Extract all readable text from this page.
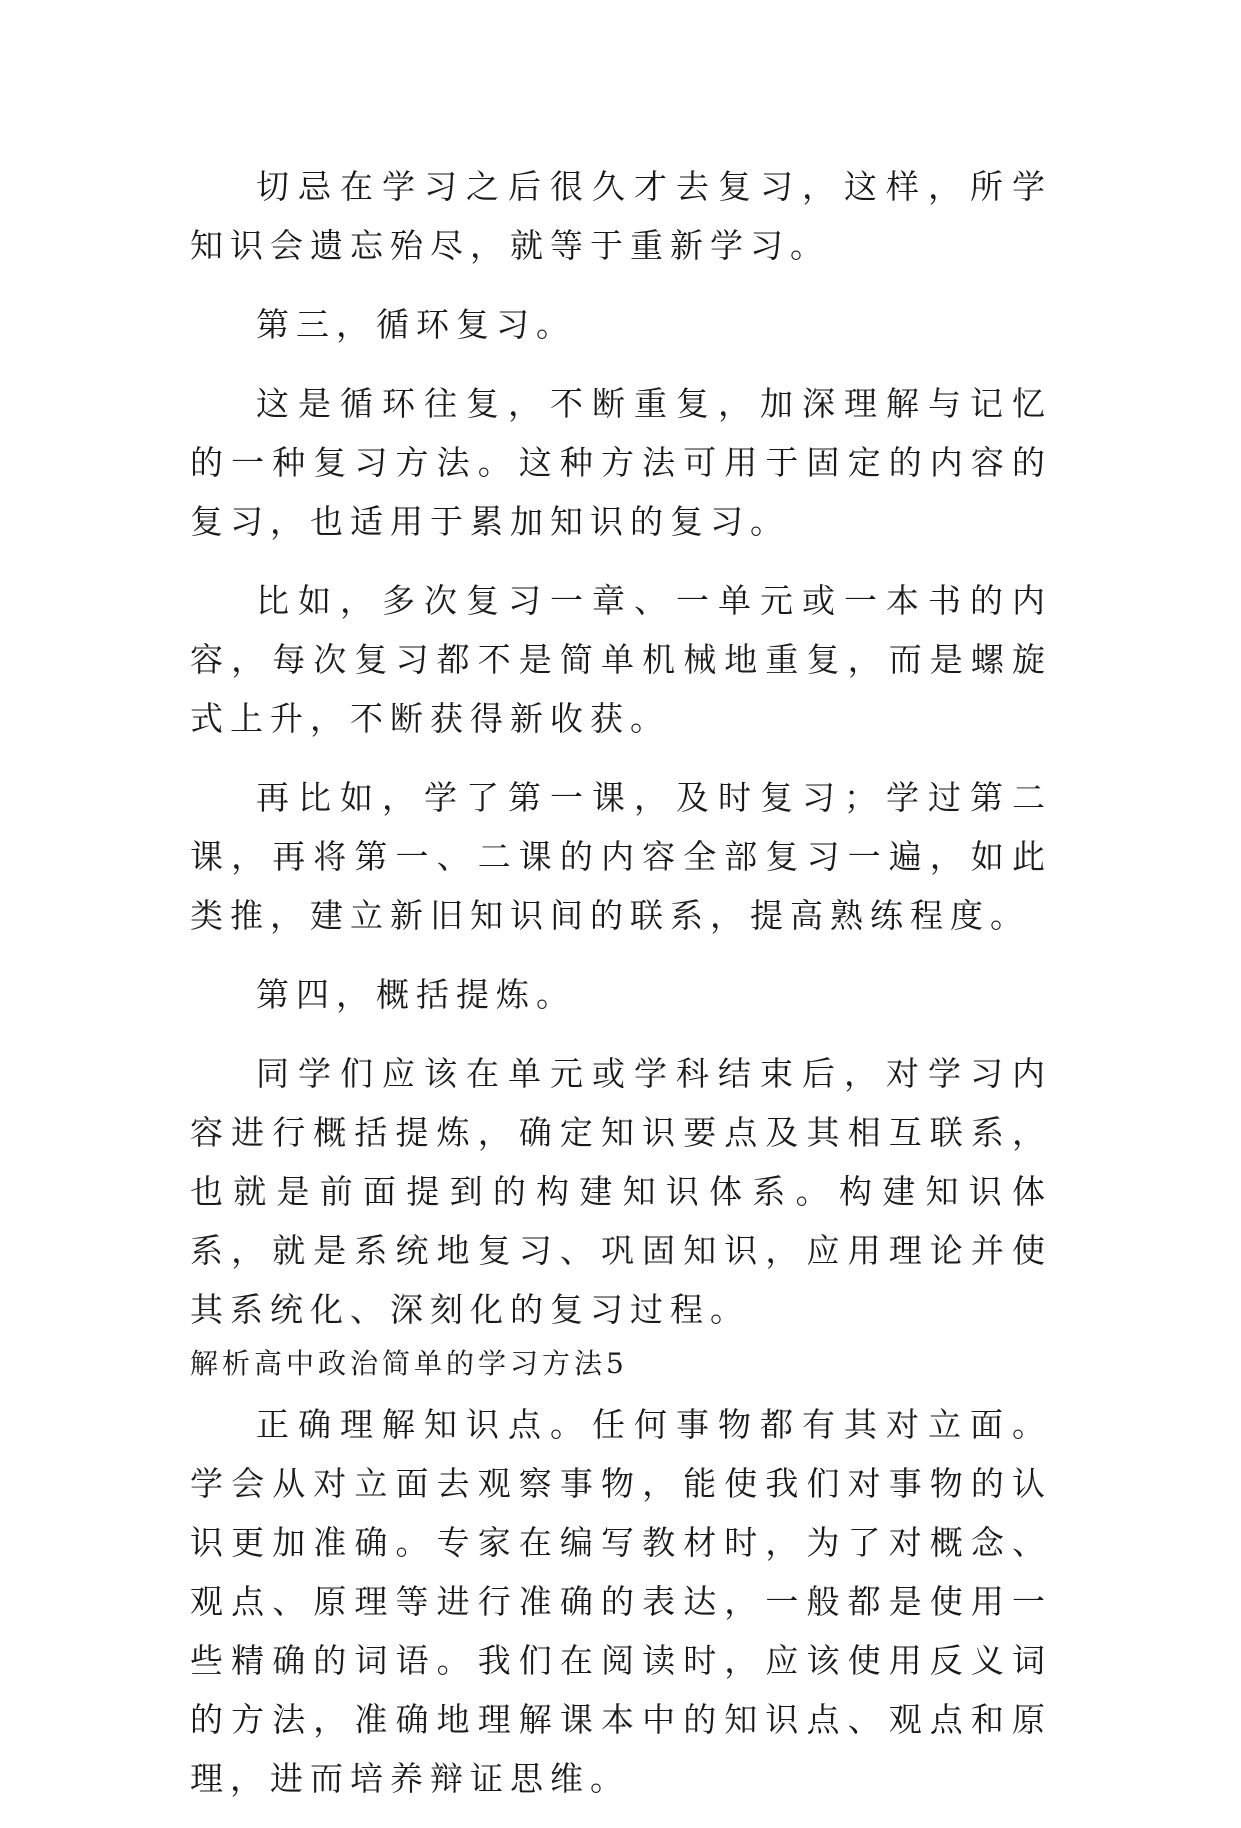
切忌在学习之后很久才去复习，这样，所学知识会遗忘殆尽，就等于重新学习。

第三，循环复习。

这是循环往复，不断重复，加深理解与记忆的一种复习方法。这种方法可用于固定的内容的复习，也适用于累加知识的复习。

比如，多次复习一章、一单元或一本书的内容，每次复习都不是简单机械地重复，而是螺旋式上升，不断获得新收获。

再比如，学了第一课，及时复习；学过第二课，再将第一、二课的内容全部复习一遍，如此类推，建立新旧知识间的联系，提高熟练程度。

第四，概括提炼。

同学们应该在单元或学科结束后，对学习内容进行概括提炼，确定知识要点及其相互联系，也就是前面提到的构建知识体系。构建知识体系，就是系统地复习、巩固知识，应用理论并使其系统化、深刻化的复习过程。

解析高中政治简单的学习方法5

正确理解知识点。任何事物都有其对立面。学会从对立面去观察事物，能使我们对事物的认识更加准确。专家在编写教材时，为了对概念、观点、原理等进行准确的表达，一般都是使用一些精确的词语。我们在阅读时，应该使用反义词的方法，准确地理解课本中的知识点、观点和原理，进而培养辩证思维。
